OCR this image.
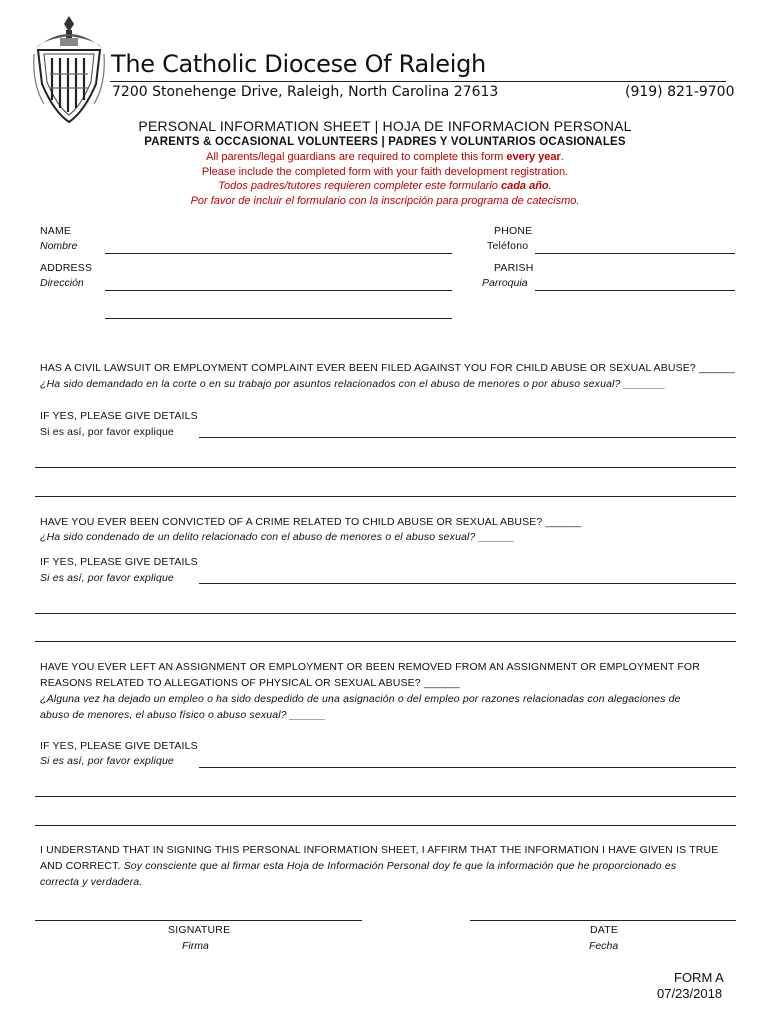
The Catholic Diocese Of Raleigh
7200 Stonehenge Drive, Raleigh, North Carolina 27613	(919) 821-9700
PERSONAL INFORMATION SHEET | HOJA DE INFORMACION PERSONAL
PARENTS & OCCASIONAL VOLUNTEERS | PADRES Y VOLUNTARIOS OCASIONALES
All parents/legal guardians are required to complete this form every year.
Please include the completed form with your faith development registration.
Todos padres/tutores requieren completer este formulario cada año.
Por favor de incluir el formulario con la inscripción para programa de catecismo.
NAME
Nombre
PHONE
Teléfono
ADDRESS
Dirección
PARISH
Parroquia
HAS A CIVIL LAWSUIT OR EMPLOYMENT COMPLAINT EVER BEEN FILED AGAINST YOU FOR CHILD ABUSE OR SEXUAL ABUSE? ______
¿Ha sido demandado en la corte o en su trabajo por asuntos relacionados con el abuso de menores o por abuso sexual? _______
IF YES, PLEASE GIVE DETAILS
Si es así, por favor explique
HAVE YOU EVER BEEN CONVICTED OF A CRIME RELATED TO CHILD ABUSE OR SEXUAL ABUSE? ______
¿Ha sido condenado de un delito relacionado con el abuso de menores o el abuso sexual? ______
IF YES, PLEASE GIVE DETAILS
Si es así, por favor explique
HAVE YOU EVER LEFT AN ASSIGNMENT OR EMPLOYMENT OR BEEN REMOVED FROM AN ASSIGNMENT OR EMPLOYMENT FOR
REASONS RELATED TO ALLEGATIONS OF PHYSICAL OR SEXUAL ABUSE? ______
¿Alguna vez ha dejado un empleo o ha sido despedido de una asignación o del empleo por razones relacionadas con alegaciones de
abuso de menores, el abuso físico o abuso sexual? ______
IF YES, PLEASE GIVE DETAILS
Si es así, por favor explique
I UNDERSTAND THAT IN SIGNING THIS PERSONAL INFORMATION SHEET, I AFFIRM THAT THE INFORMATION I HAVE GIVEN IS TRUE
AND CORRECT. Soy consciente que al firmar esta Hoja de Información Personal doy fe que la información que he proporcionado es
correcta y verdadera.
SIGNATURE
Firma
DATE
Fecha
FORM A
07/23/2018
